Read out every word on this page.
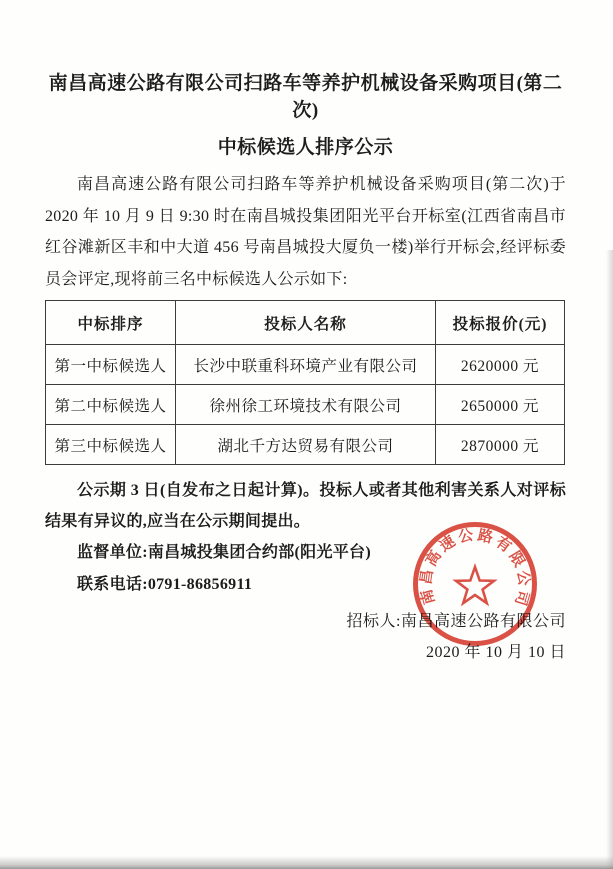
南昌高速公路有限公司扫路车等养护机械设备采购项目(第二次)
中标候选人排序公示

南昌高速公路有限公司扫路车等养护机械设备采购项目(第二次)于 2020 年 10 月 9 日 9:30 时在南昌城投集团阳光平台开标室(江西省南昌市红谷滩新区丰和中大道 456 号南昌城投大厦负一楼)举行开标会,经评标委员会评定,现将前三名中标候选人公示如下:

中标排序	投标人名称	投标报价(元)
第一中标候选人	长沙中联重科环境产业有限公司	2620000 元
第二中标候选人	徐州徐工环境技术有限公司	2650000 元
第三中标候选人	湖北千方达贸易有限公司	2870000 元

公示期 3 日(自发布之日起计算)。投标人或者其他利害关系人对评标结果有异议的,应当在公示期间提出。

监督单位:南昌城投集团合约部(阳光平台)

联系电话:0791-86856911

招标人:南昌高速公路有限公司

2020 年 10 月 10 日

南昌高速公路有限公司
